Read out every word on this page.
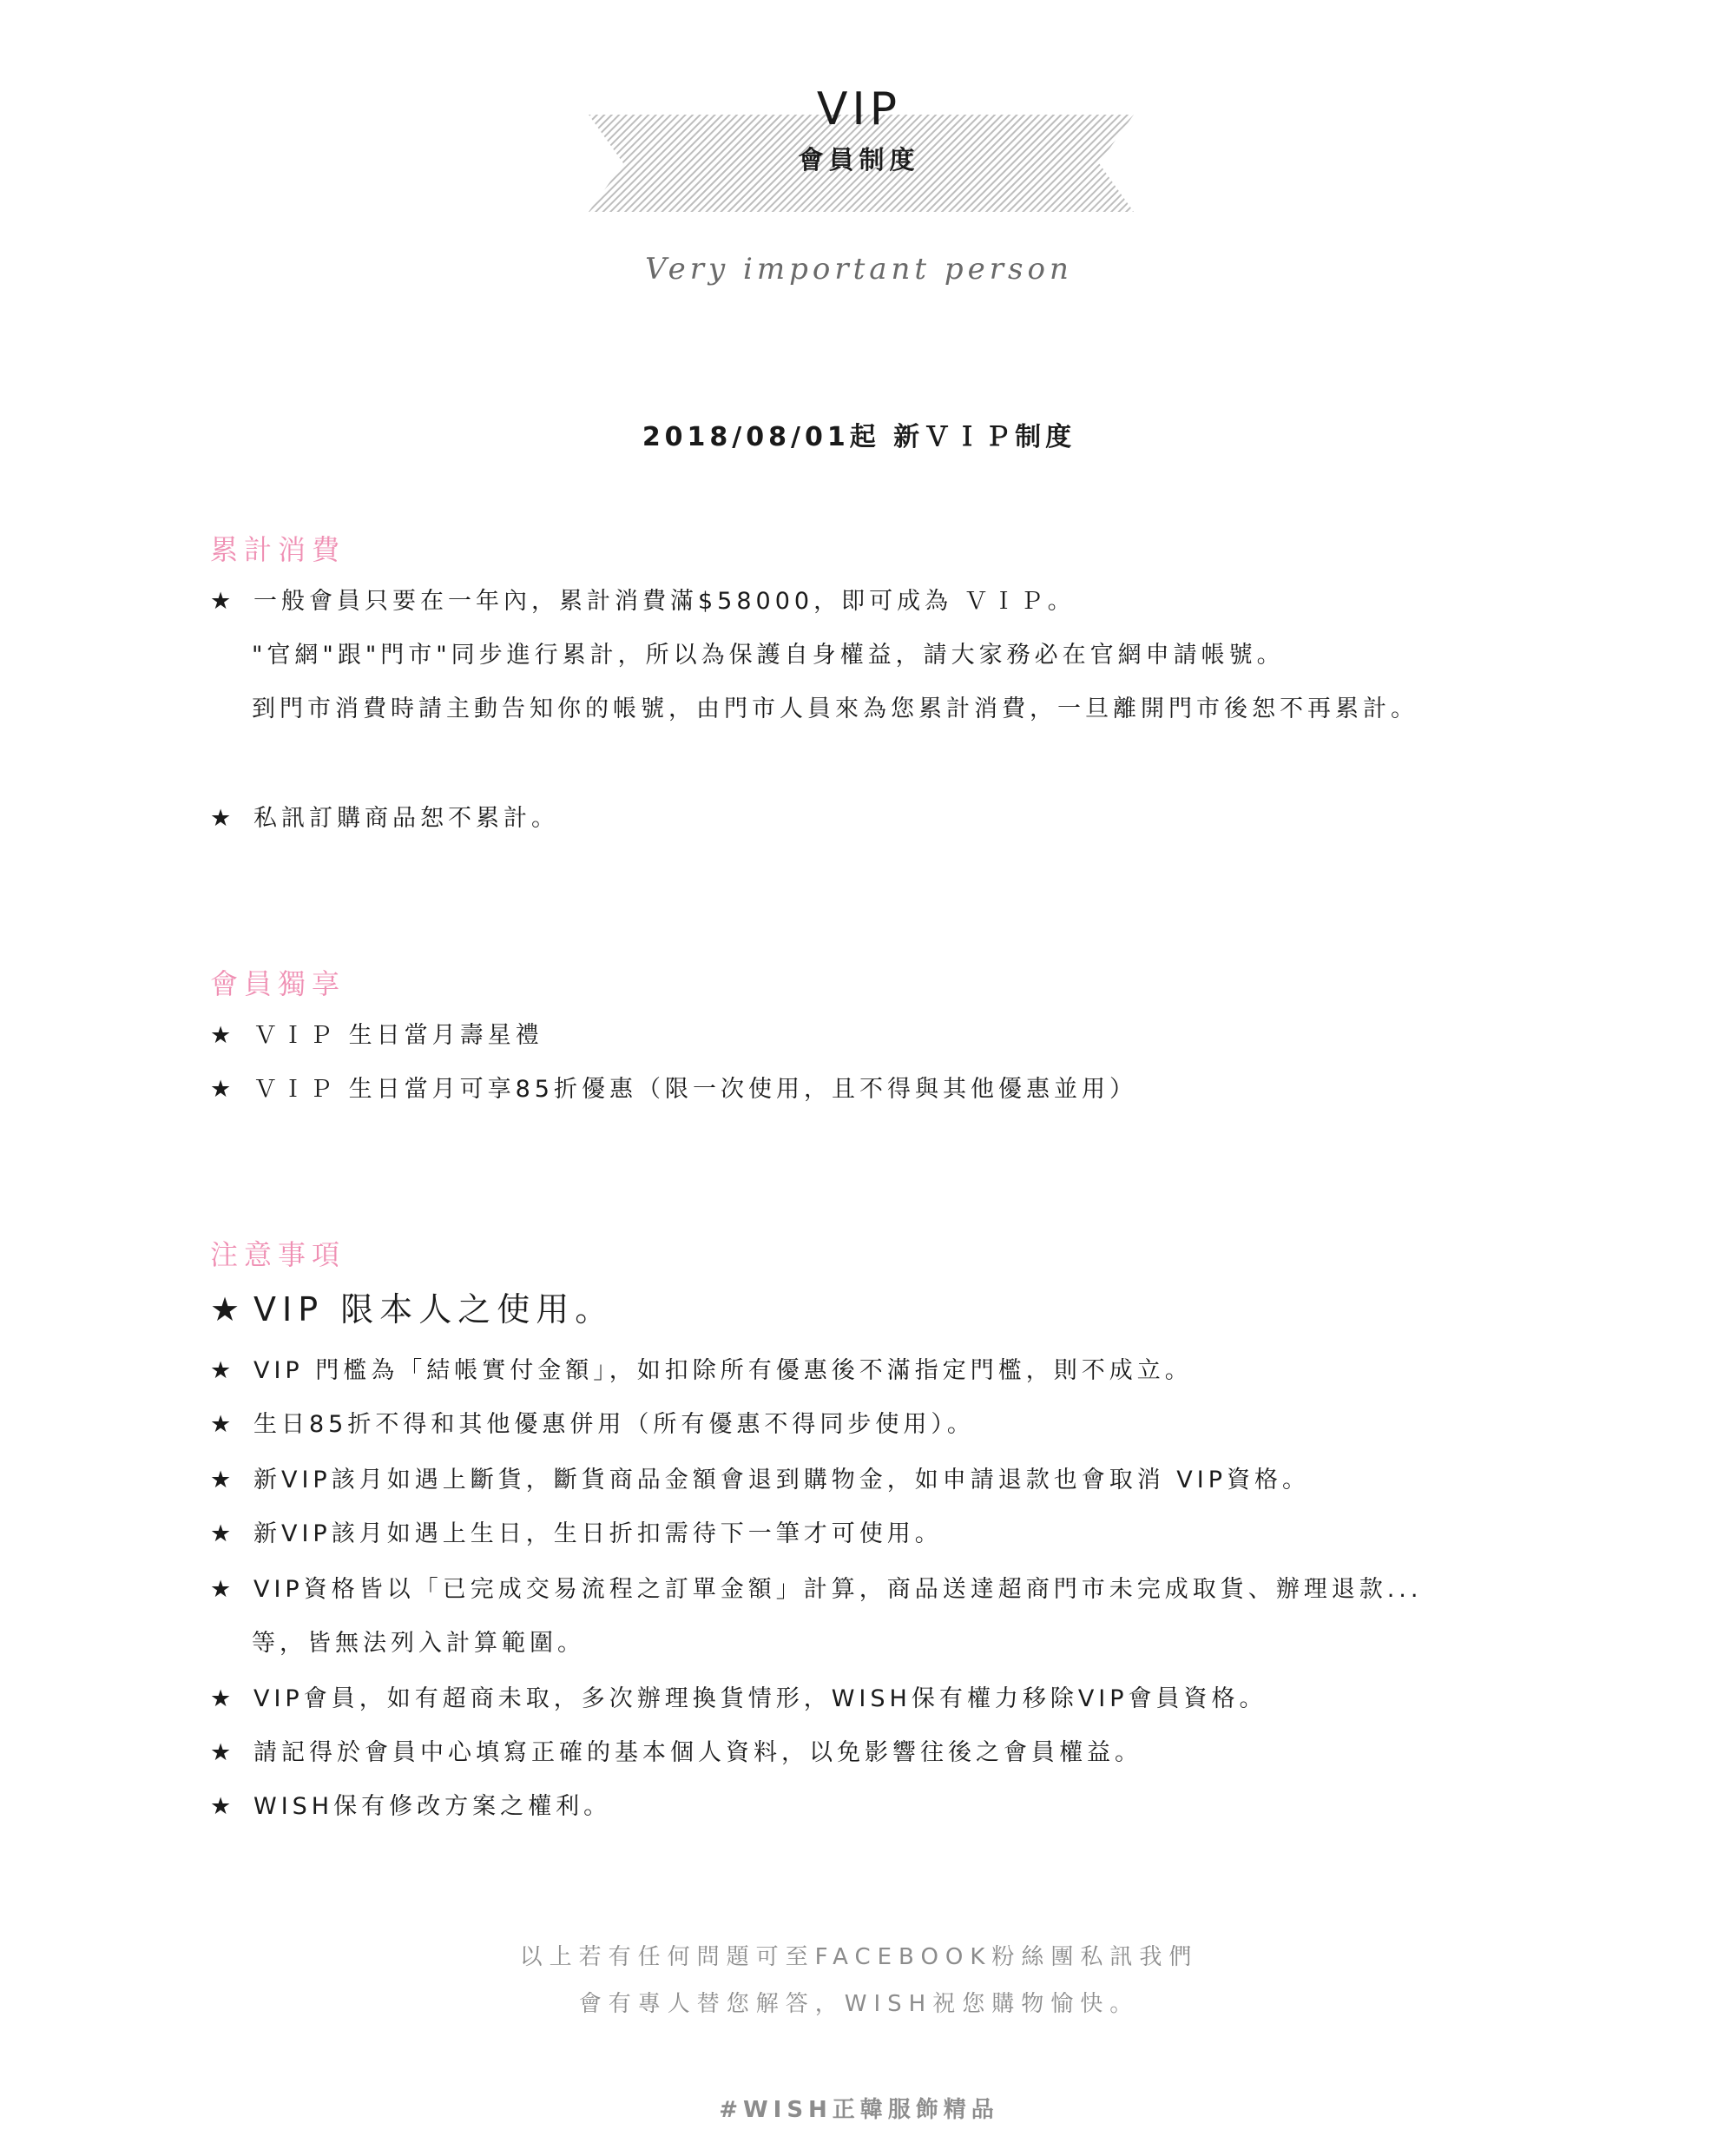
VIP
會員制度
Very important person
2018/08/01起 新ＶＩＰ制度
累計消費
★ 一般會員只要在一年內，累計消費滿$58000，即可成為 ＶＩＰ。
"官網"跟"門市"同步進行累計，所以為保護自身權益，請大家務必在官網申請帳號。
到門市消費時請主動告知你的帳號，由門市人員來為您累計消費，一旦離開門市後恕不再累計。
★ 私訊訂購商品恕不累計。
會員獨享
★ ＶＩＰ 生日當月壽星禮
★ ＶＩＰ 生日當月可享85折優惠（限一次使用，且不得與其他優惠並用）
注意事項
★ VIP 限本人之使用。
★ VIP 門檻為「結帳實付金額」，如扣除所有優惠後不滿指定門檻，則不成立。
★ 生日85折不得和其他優惠併用（所有優惠不得同步使用）。
★ 新VIP該月如遇上斷貨，斷貨商品金額會退到購物金，如申請退款也會取消 VIP資格。
★ 新VIP該月如遇上生日，生日折扣需待下一筆才可使用。
★ VIP資格皆以「已完成交易流程之訂單金額」計算，商品送達超商門市未完成取貨、辦理退款...
等，皆無法列入計算範圍。
★ VIP會員，如有超商未取，多次辦理換貨情形，WISH保有權力移除VIP會員資格。
★ 請記得於會員中心填寫正確的基本個人資料，以免影響往後之會員權益。
★ WISH保有修改方案之權利。
以上若有任何問題可至FACEBOOK粉絲團私訊我們
會有專人替您解答，WISH祝您購物愉快。
#WISH正韓服飾精品
